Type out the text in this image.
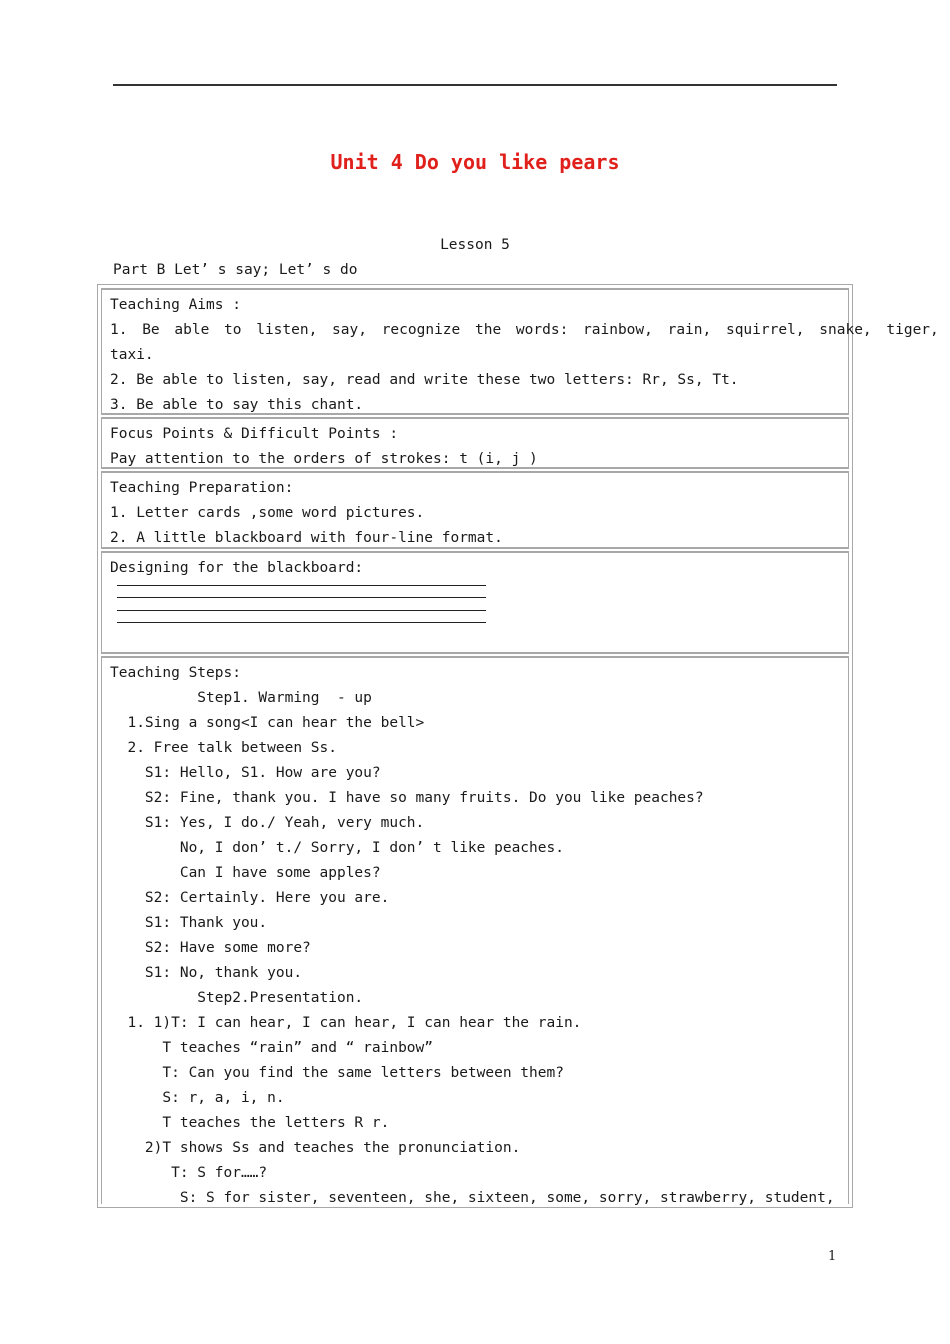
Unit 4 Do you like pears
Lesson 5
Part B Let’ s say; Let’ s do
Teaching Aims :
1. Be able to listen, say, recognize the words: rainbow, rain, squirrel, snake, tiger,
taxi.
2. Be able to listen, say, read and write these two letters: Rr, Ss, Tt.
3. Be able to say this chant.
Focus Points & Difficult Points :
Pay attention to the orders of strokes: t (i, j )
Teaching Preparation:
1. Letter cards ,some word pictures.
2. A little blackboard with four-line format.
Designing for the blackboard:
Teaching Steps:
Step1. Warming  - up
1.Sing a song<I can hear the bell>
2. Free talk between Ss.
S1: Hello, S1. How are you?
S2: Fine, thank you. I have so many fruits. Do you like peaches?
S1: Yes, I do./ Yeah, very much.
No, I don’ t./ Sorry, I don’ t like peaches.
Can I have some apples?
S2: Certainly. Here you are.
S1: Thank you.
S2: Have some more?
S1: No, thank you.
Step2.Presentation.
1. 1)T: I can hear, I can hear, I can hear the rain.
T teaches “rain” and “ rainbow”
T: Can you find the same letters between them?
S: r, a, i, n.
T teaches the letters R r.
2)T shows Ss and teaches the pronunciation.
T: S for……?
S: S for sister, seventeen, she, sixteen, some, sorry, strawberry, student,
1
